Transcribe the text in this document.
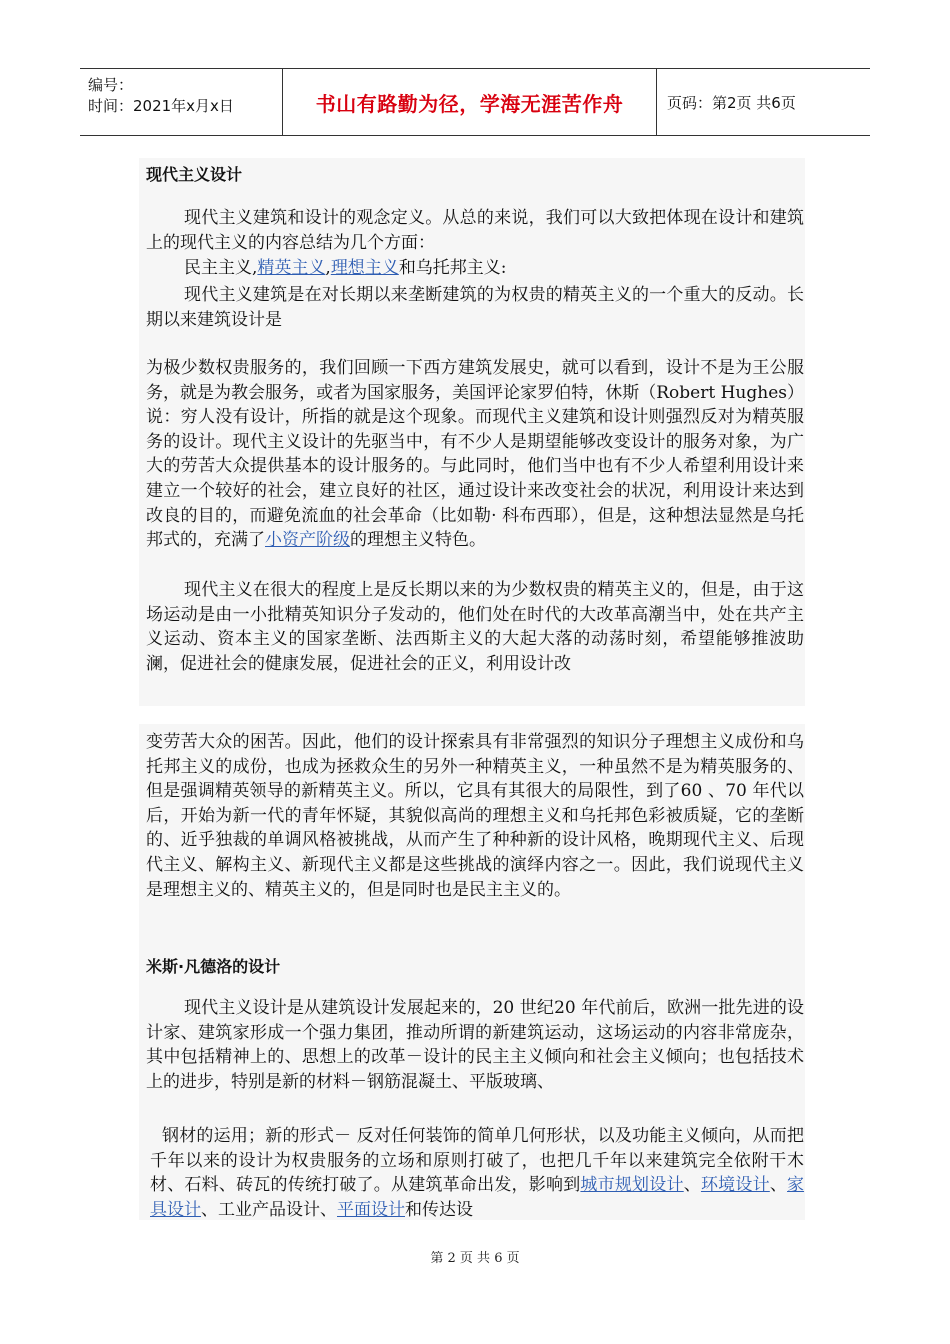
编号：
时间：2021年x月x日	书山有路勤为径，学海无涯苦作舟	页码：第2页 共6页
现代主义设计
现代主义建筑和设计的观念定义。从总的来说，我们可以大致把体现在设计和建筑上的现代主义的内容总结为几个方面：
民主主义,精英主义,理想主义和乌托邦主义:
现代主义建筑是在对长期以来垄断建筑的为权贵的精英主义的一个重大的反动。长期以来建筑设计是
为极少数权贵服务的，我们回顾一下西方建筑发展史，就可以看到，设计不是为王公服务，就是为教会服务，或者为国家服务，美国评论家罗伯特，休斯（Robert Hughes）说：穷人没有设计，所指的就是这个现象。而现代主义建筑和设计则强烈反对为精英服务的设计。现代主义设计的先驱当中，有不少人是期望能够改变设计的服务对象，为广大的劳苦大众提供基本的设计服务的。与此同时，他们当中也有不少人希望利用设计来建立一个较好的社会，建立良好的社区，通过设计来改变社会的状况，利用设计来达到改良的目的，而避免流血的社会革命（比如勒· 科布西耶），但是，这种想法显然是乌托邦式的，充满了小资产阶级的理想主义特色。
现代主义在很大的程度上是反长期以来的为少数权贵的精英主义的，但是，由于这场运动是由一小批精英知识分子发动的，他们处在时代的大改革高潮当中，处在共产主义运动、资本主义的国家垄断、法西斯主义的大起大落的动荡时刻，希望能够推波助澜，促进社会的健康发展，促进社会的正义，利用设计改
变劳苦大众的困苦。因此，他们的设计探索具有非常强烈的知识分子理想主义成份和乌托邦主义的成份，也成为拯救众生的另外一种精英主义，一种虽然不是为精英服务的、但是强调精英领导的新精英主义。所以，它具有其很大的局限性，到了60 、70 年代以后，开始为新一代的青年怀疑，其貌似高尚的理想主义和乌托邦色彩被质疑，它的垄断的、近乎独裁的单调风格被挑战，从而产生了种种新的设计风格，晚期现代主义、后现代主义、解构主义、新现代主义都是这些挑战的演绎内容之一。因此，我们说现代主义是理想主义的、精英主义的，但是同时也是民主主义的。
米斯·凡德洛的设计
现代主义设计是从建筑设计发展起来的，20 世纪20 年代前后，欧洲一批先进的设计家、建筑家形成一个强力集团，推动所谓的新建筑运动，这场运动的内容非常庞杂，其中包括精神上的、思想上的改革－设计的民主主义倾向和社会主义倾向；也包括技术上的进步，特别是新的材料－钢筋混凝土、平版玻璃、
钢材的运用；新的形式－ 反对任何装饰的简单几何形状，以及功能主义倾向，从而把千年以来的设计为权贵服务的立场和原则打破了，也把几千年以来建筑完全依附干木材、石料、砖瓦的传统打破了。从建筑革命出发，影响到城市规划设计、环境设计、家具设计、工业产品设计、平面设计和传达设
第 2 页 共 6 页
